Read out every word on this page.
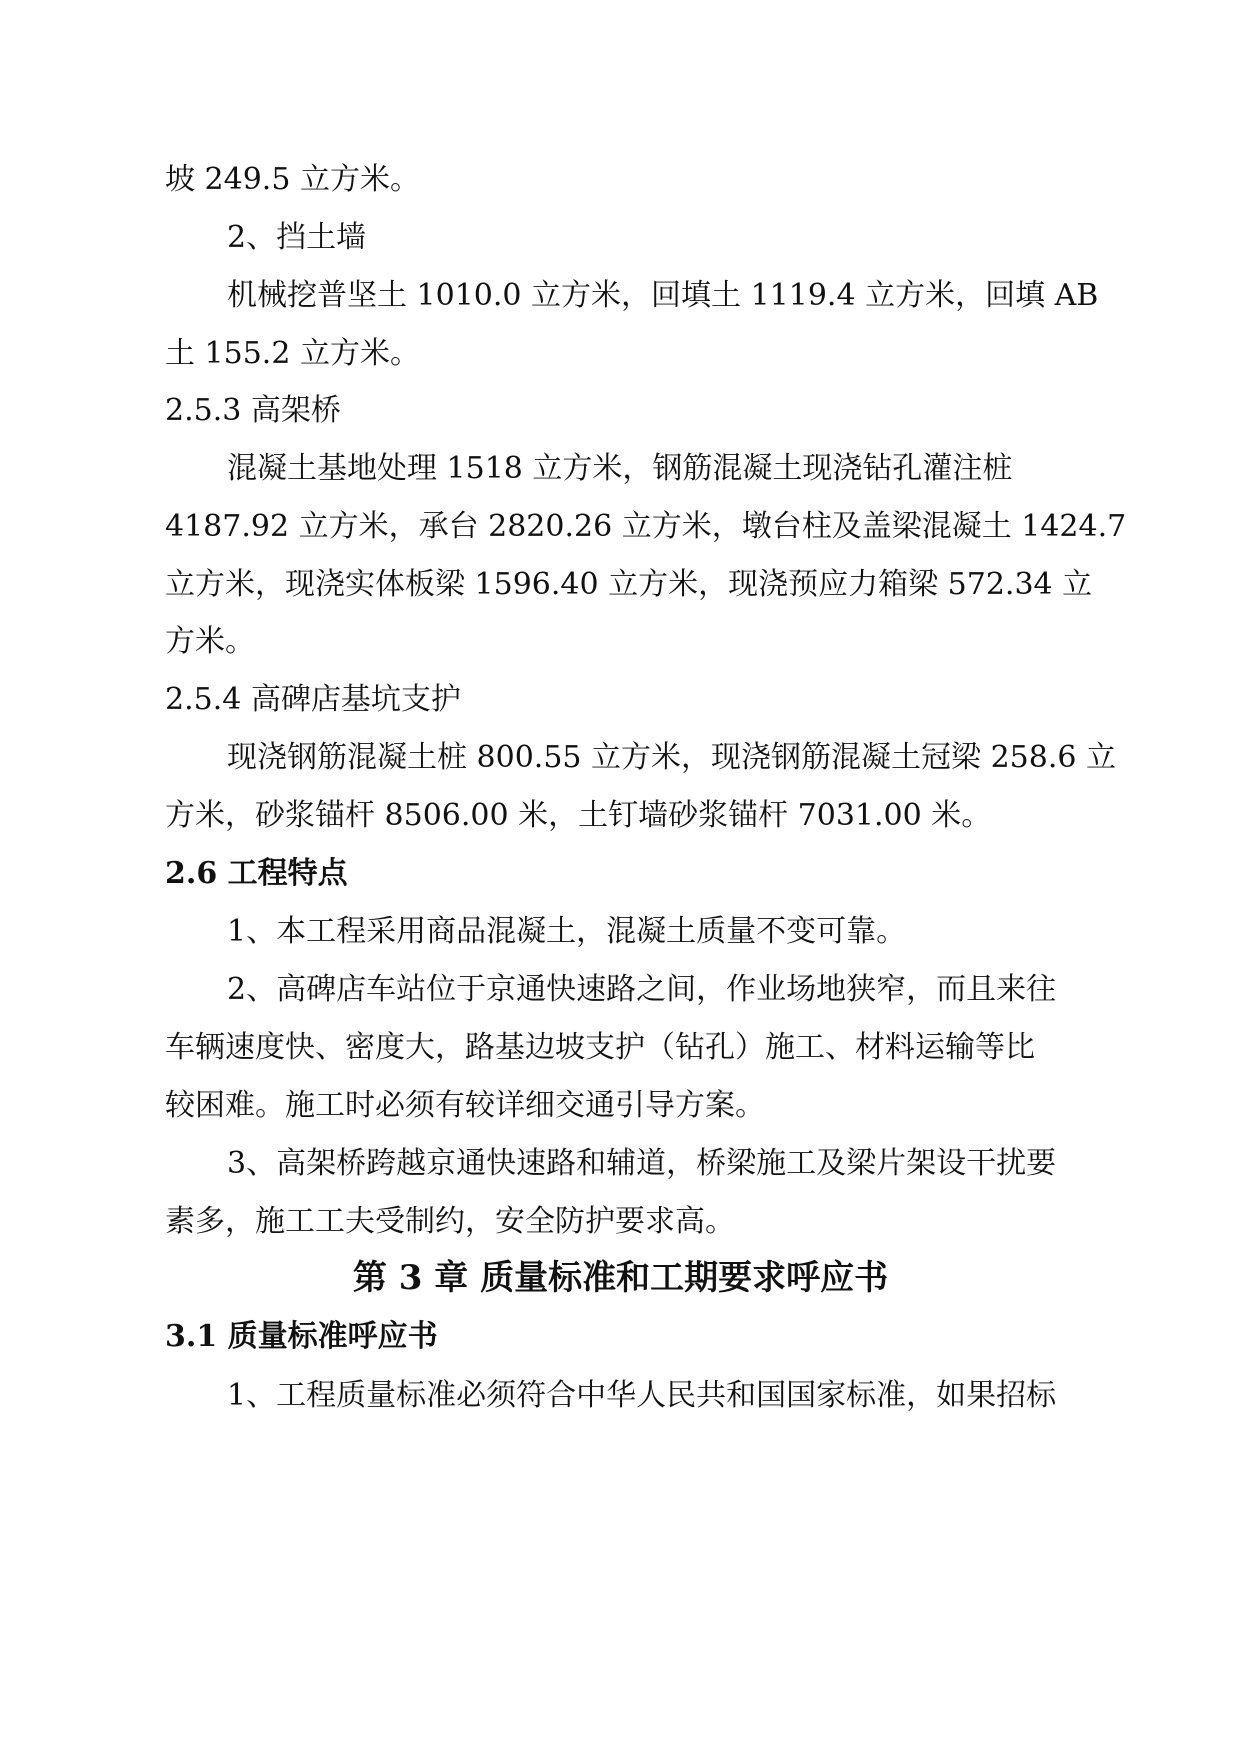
坡 249.5 立方米。
2、挡土墙
机械挖普坚土 1010.0 立方米，回填土 1119.4 立方米，回填 AB
土 155.2 立方米。
2.5.3 高架桥
混凝土基地处理 1518 立方米，钢筋混凝土现浇钻孔灌注桩
4187.92 立方米，承台 2820.26 立方米，墩台柱及盖梁混凝土 1424.7
立方米，现浇实体板梁 1596.40 立方米，现浇预应力箱梁 572.34 立
方米。
2.5.4 高碑店基坑支护
现浇钢筋混凝土桩 800.55 立方米，现浇钢筋混凝土冠梁 258.6 立
方米，砂浆锚杆 8506.00 米，土钉墙砂浆锚杆 7031.00 米。
2.6 工程特点
1、本工程采用商品混凝土，混凝土质量不变可靠。
2、高碑店车站位于京通快速路之间，作业场地狭窄，而且来往
车辆速度快、密度大，路基边坡支护（钻孔）施工、材料运输等比
较困难。施工时必须有较详细交通引导方案。
3、高架桥跨越京通快速路和辅道，桥梁施工及梁片架设干扰要
素多，施工工夫受制约，安全防护要求高。
第 3 章 质量标准和工期要求呼应书
3.1 质量标准呼应书
1、工程质量标准必须符合中华人民共和国国家标准，如果招标
